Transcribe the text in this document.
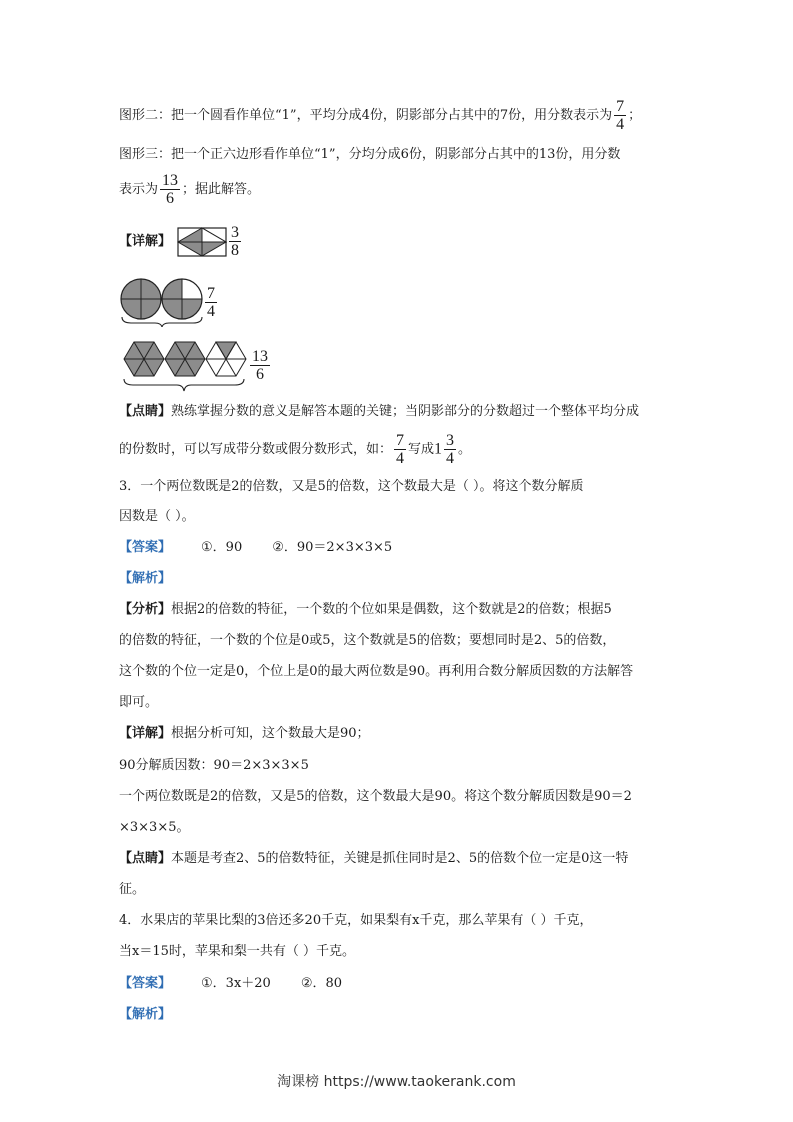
图形二：把一个圆看作单位“1”，平均分成4份，阴影部分占其中的7份，用分数表示为 $\frac{7}{4}$ ；
图形三：把一个正六边形看作单位“1”，分均分成6份，阴影部分占其中的13份，用分数
表示为 $\frac{13}{6}$ ；据此解答。
【详解】	$\frac{3}{8}$
$\frac{7}{4}$
$\frac{13}{6}$
【点睛】熟练掌握分数的意义是解答本题的关键；当阴影部分的分数超过一个整体平均分成
的份数时，可以写成带分数或假分数形式，如： $\frac{7}{4}$ 写成$1 \frac{3}{4}$ 。
3．一个两位数既是2的倍数，又是5的倍数，这个数最大是（ ）。将这个数分解质
因数是（ ）。
【答案】 ①．90 ②．90＝2×3×3×5
【解析】
【分析】根据2的倍数的特征，一个数的个位如果是偶数，这个数就是2的倍数；根据5
的倍数的特征，一个数的个位是0或5，这个数就是5的倍数；要想同时是2、5的倍数，
这个数的个位一定是0，个位上是0的最大两位数是90。再利用合数分解质因数的方法解答
即可。
【详解】根据分析可知，这个数最大是90；
90分解质因数：90＝2×3×3×5
一个两位数既是2的倍数，又是5的倍数，这个数最大是90。将这个数分解质因数是90＝2
×3×3×5。
【点睛】本题是考查2、5的倍数特征，关键是抓住同时是2、5的倍数个位一定是0这一特
征。
4．水果店的苹果比梨的3倍还多20千克，如果梨有x千克，那么苹果有（ ）千克，
当x＝15时，苹果和梨一共有（ ）千克。
【答案】 ①．3x＋20 ②．80
【解析】
淘课榜 https://www.taokerank.com
